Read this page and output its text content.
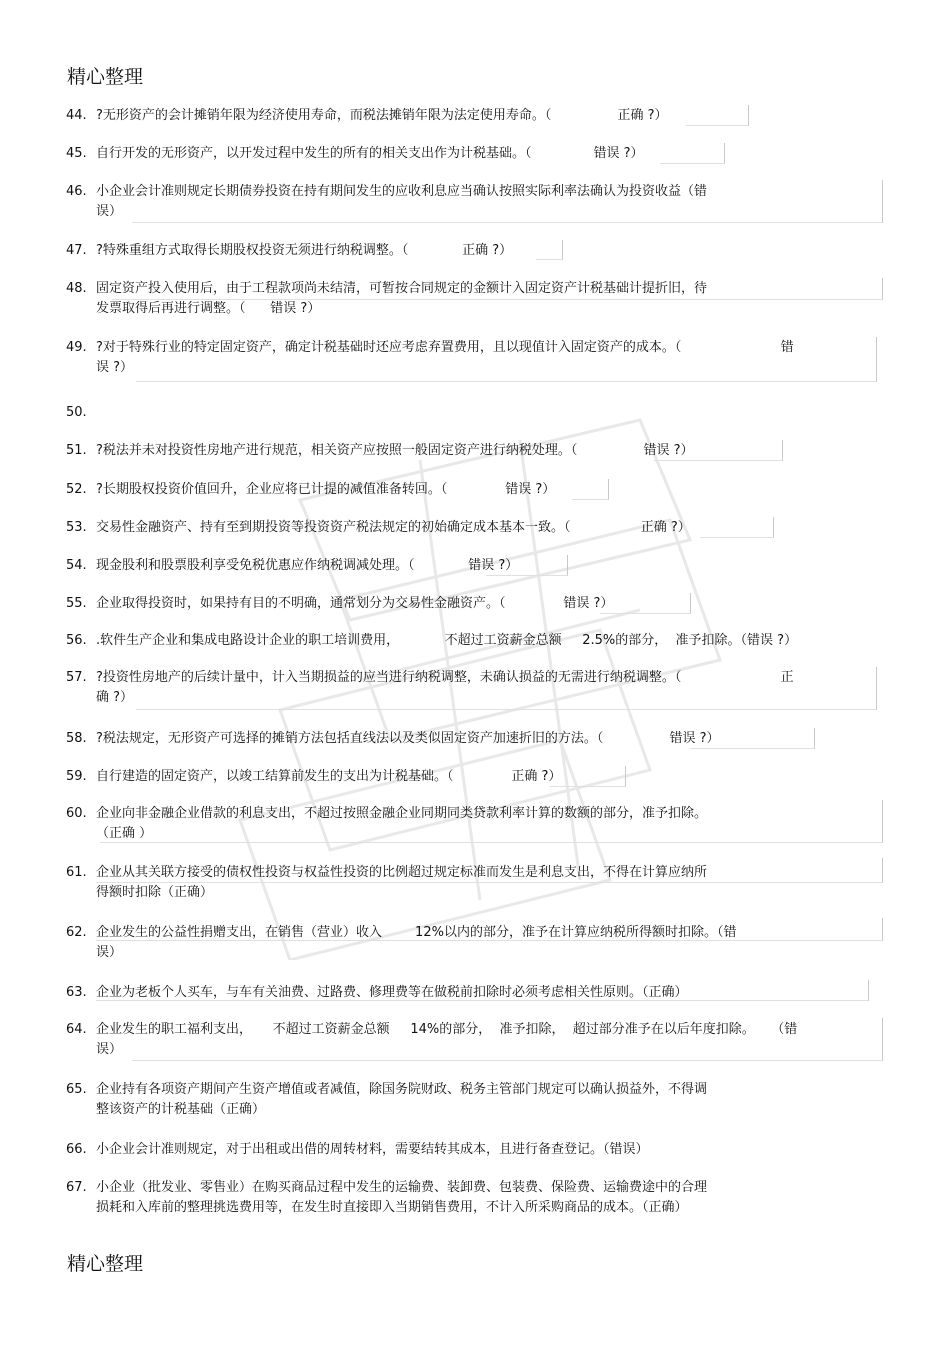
精心整理
44. ?无形资产的会计摊销年限为经济使用寿命，而税法摊销年限为法定使用寿命。（                正确 ?）
45. 自行开发的无形资产，以开发过程中发生的所有的相关支出作为计税基础。（               错误 ?）
46. 小企业会计准则规定长期债券投资在持有期间发生的应收利息应当确认按照实际利率法确认为投资收益（错
误）
47. ?特殊重组方式取得长期股权投资无须进行纳税调整。（             正确 ?）
48. 固定资产投入使用后，由于工程款项尚未结清，可暂按合同规定的金额计入固定资产计税基础计提折旧，待
发票取得后再进行调整。（      错误 ?）
49. ?对于特殊行业的特定固定资产，确定计税基础时还应考虑弃置费用，且以现值计入固定资产的成本。（                        错
误 ?）
50.
51. ?税法并未对投资性房地产进行规范，相关资产应按照一般固定资产进行纳税处理。（                错误 ?）
52. ?长期股权投资价值回升，企业应将已计提的减值准备转回。（              错误 ?）
53. 交易性金融资产、持有至到期投资等投资资产税法规定的初始确定成本基本一致。（                 正确 ?）
54. 现金股利和股票股利享受免税优惠应作纳税调减处理。（             错误 ?）
55. 企业取得投资时，如果持有目的不明确，通常划分为交易性金融资产。（              错误 ?）
56. .软件生产企业和集成电路设计企业的职工培训费用，           不超过工资薪金总额     2.5%的部分，  准予扣除。（错误 ?）
57. ?投资性房地产的后续计量中，计入当期损益的应当进行纳税调整，未确认损益的无需进行纳税调整。（                        正
确 ?）
58. ?税法规定，无形资产可选择的摊销方法包括直线法以及类似固定资产加速折旧的方法。（                错误 ?）
59. 自行建造的固定资产，以竣工结算前发生的支出为计税基础。（              正确 ?）
60. 企业向非金融企业借款的利息支出，不超过按照金融企业同期同类贷款利率计算的数额的部分，准予扣除。
（正确 ）
61. 企业从其关联方接受的债权性投资与权益性投资的比例超过规定标准而发生是利息支出，不得在计算应纳所
得额时扣除（正确）
62. 企业发生的公益性捐赠支出，在销售（营业）收入        12%以内的部分，准予在计算应纳税所得额时扣除。（错
误）
63. 企业为老板个人买车，与车有关油费、过路费、修理费等在做税前扣除时必须考虑相关性原则。（正确）
64. 企业发生的职工福利支出，     不超过工资薪金总额     14%的部分，  准予扣除，  超过部分准予在以后年度扣除。    （错
误）
65. 企业持有各项资产期间产生资产增值或者减值，除国务院财政、税务主管部门规定可以确认损益外，不得调
整该资产的计税基础（正确）
66. 小企业会计准则规定，对于出租或出借的周转材料，需要结转其成本，且进行备查登记。（错误）
67. 小企业（批发业、零售业）在购买商品过程中发生的运输费、装卸费、包装费、保险费、运输费途中的合理
损耗和入库前的整理挑选费用等，在发生时直接即入当期销售费用，不计入所采购商品的成本。（正确）
精心整理
